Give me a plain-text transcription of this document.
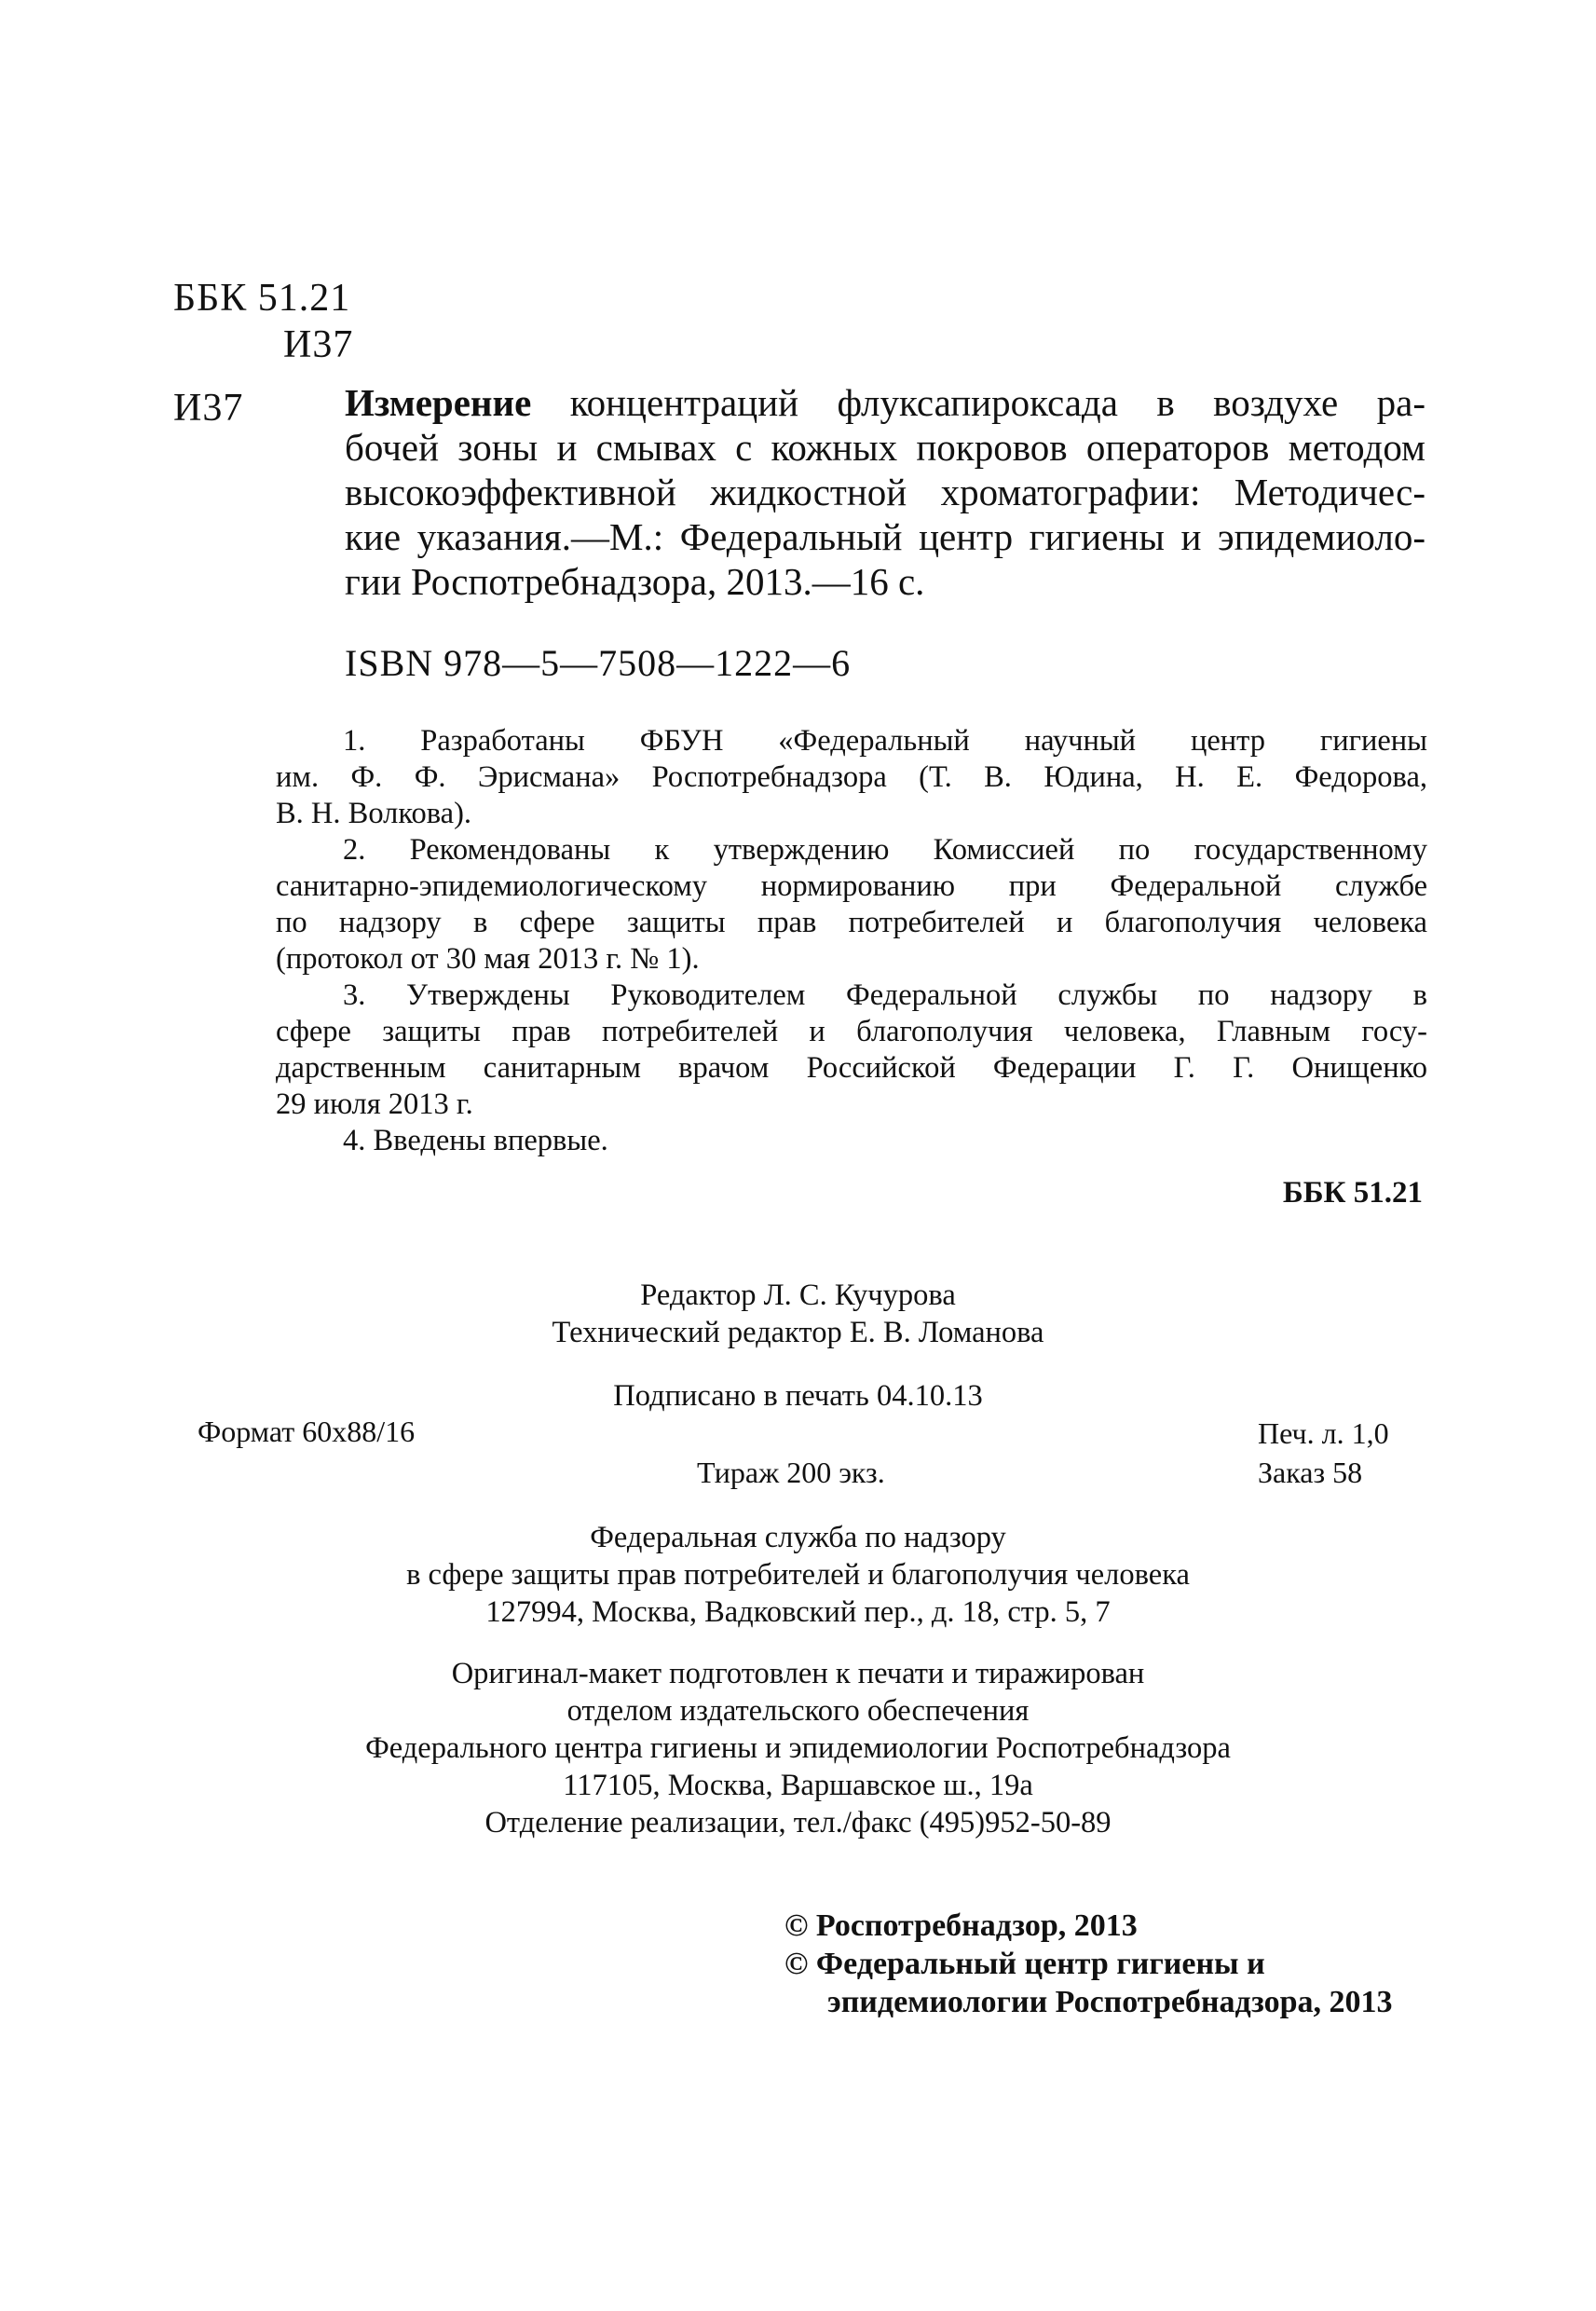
ББК 51.21
И37
И37	Измерение концентраций флуксапироксада в воздухе ра-
бочей зоны и смывах с кожных покровов операторов методом
высокоэффективной жидкостной хроматографии: Методичес-
кие указания.—М.: Федеральный центр гигиены и эпидемиоло-
гии Роспотребнадзора, 2013.—16 с.
ISBN 978—5—7508—1222—6
1. Разработаны ФБУН «Федеральный научный центр гигиены
им. Ф. Ф. Эрисмана» Роспотребнадзора (Т. В. Юдина, Н. Е. Федорова,
В. Н. Волкова).
2. Рекомендованы к утверждению Комиссией по государственному
санитарно-эпидемиологическому нормированию при Федеральной службе
по надзору в сфере защиты прав потребителей и благополучия человека
(протокол от 30 мая 2013 г. № 1).
3. Утверждены Руководителем Федеральной службы по надзору в
сфере защиты прав потребителей и благополучия человека, Главным госу-
дарственным санитарным врачом Российской Федерации Г. Г. Онищенко
29 июля 2013 г.
4. Введены впервые.
ББК 51.21
Редактор Л. С. Кучурова
Технический редактор Е. В. Ломанова
Подписано в печать 04.10.13
Формат 60х88/16	Печ. л. 1,0
Тираж 200 экз.	Заказ 58
Федеральная служба по надзору
в сфере защиты прав потребителей и благополучия человека
127994, Москва, Вадковский пер., д. 18, стр. 5, 7
Оригинал-макет подготовлен к печати и тиражирован
отделом издательского обеспечения
Федерального центра гигиены и эпидемиологии Роспотребнадзора
117105, Москва, Варшавское ш., 19а
Отделение реализации, тел./факс (495)952-50-89
© Роспотребнадзор, 2013
© Федеральный центр гигиены и
эпидемиологии Роспотребнадзора, 2013
